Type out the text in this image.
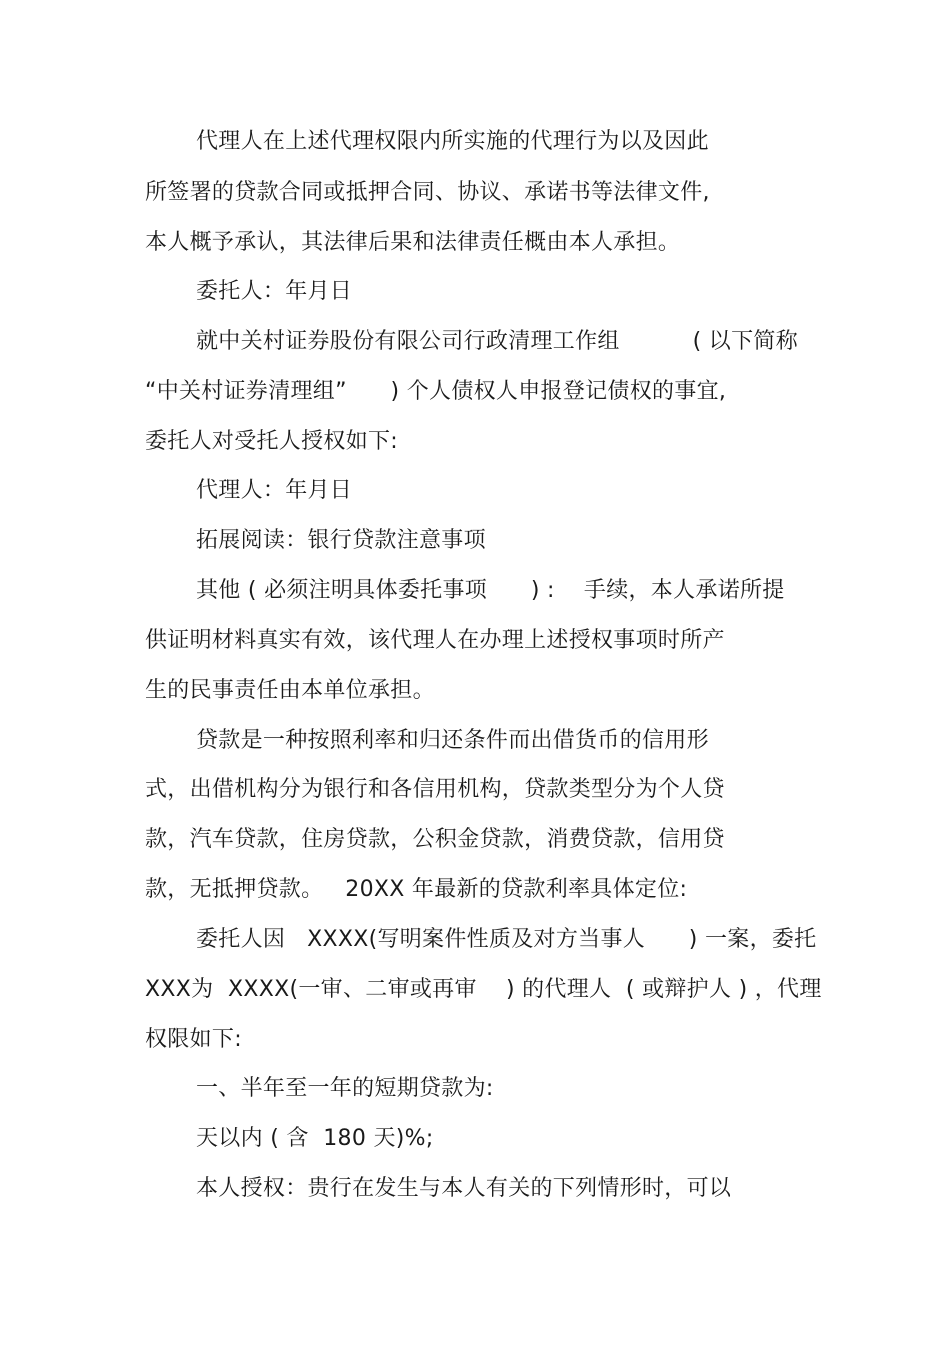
代理人在上述代理权限内所实施的代理行为以及因此
所签署的贷款合同或抵押合同、协议、承诺书等法律文件,
本人概予承认，其法律后果和法律责任概由本人承担。
委托人：年月日
就中关村证券股份有限公司行政清理工作组          ( 以下简称
“中关村证券清理组”      ) 个人债权人申报登记债权的事宜,
委托人对受托人授权如下:
代理人：年月日
拓展阅读：银行贷款注意事项
其他 ( 必须注明具体委托事项      ) :    手续，本人承诺所提
供证明材料真实有效，该代理人在办理上述授权事项时所产
生的民事责任由本单位承担。
贷款是一种按照利率和归还条件而出借货币的信用形
式，出借机构分为银行和各信用机构，贷款类型分为个人贷
款，汽车贷款，住房贷款，公积金贷款，消费贷款，信用贷
款，无抵押贷款。   20XX 年最新的贷款利率具体定位:
委托人因   XXXX(写明案件性质及对方当事人      ) 一案，委托
XXX为  XXXX(一审、二审或再审    ) 的代理人  ( 或辩护人 ) ，代理
权限如下:
一、半年至一年的短期贷款为:
天以内 ( 含  180 天)%;
本人授权：贵行在发生与本人有关的下列情形时，可以
